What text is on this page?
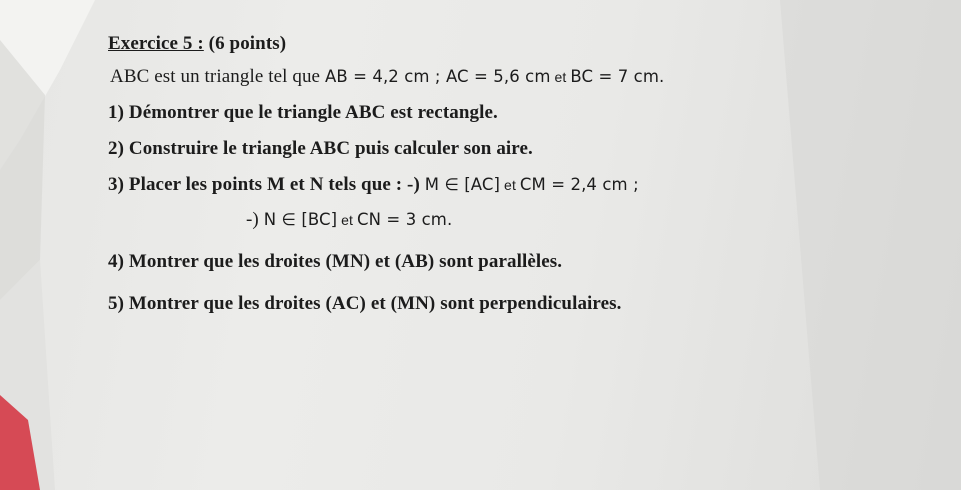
Exercice 5 : (6 points)
ABC est un triangle tel que AB = 4,2 cm ; AC = 5,6 cm et BC = 7 cm.
1) Démontrer que le triangle ABC est rectangle.
2) Construire le triangle ABC puis calculer son aire.
3) Placer les points M et N tels que : -) M ∈ [AC] et CM = 2,4 cm ;
-) N ∈ [BC] et CN = 3 cm.
4) Montrer que les droites (MN) et (AB) sont parallèles.
5) Montrer que les droites (AC) et (MN) sont perpendiculaires.
